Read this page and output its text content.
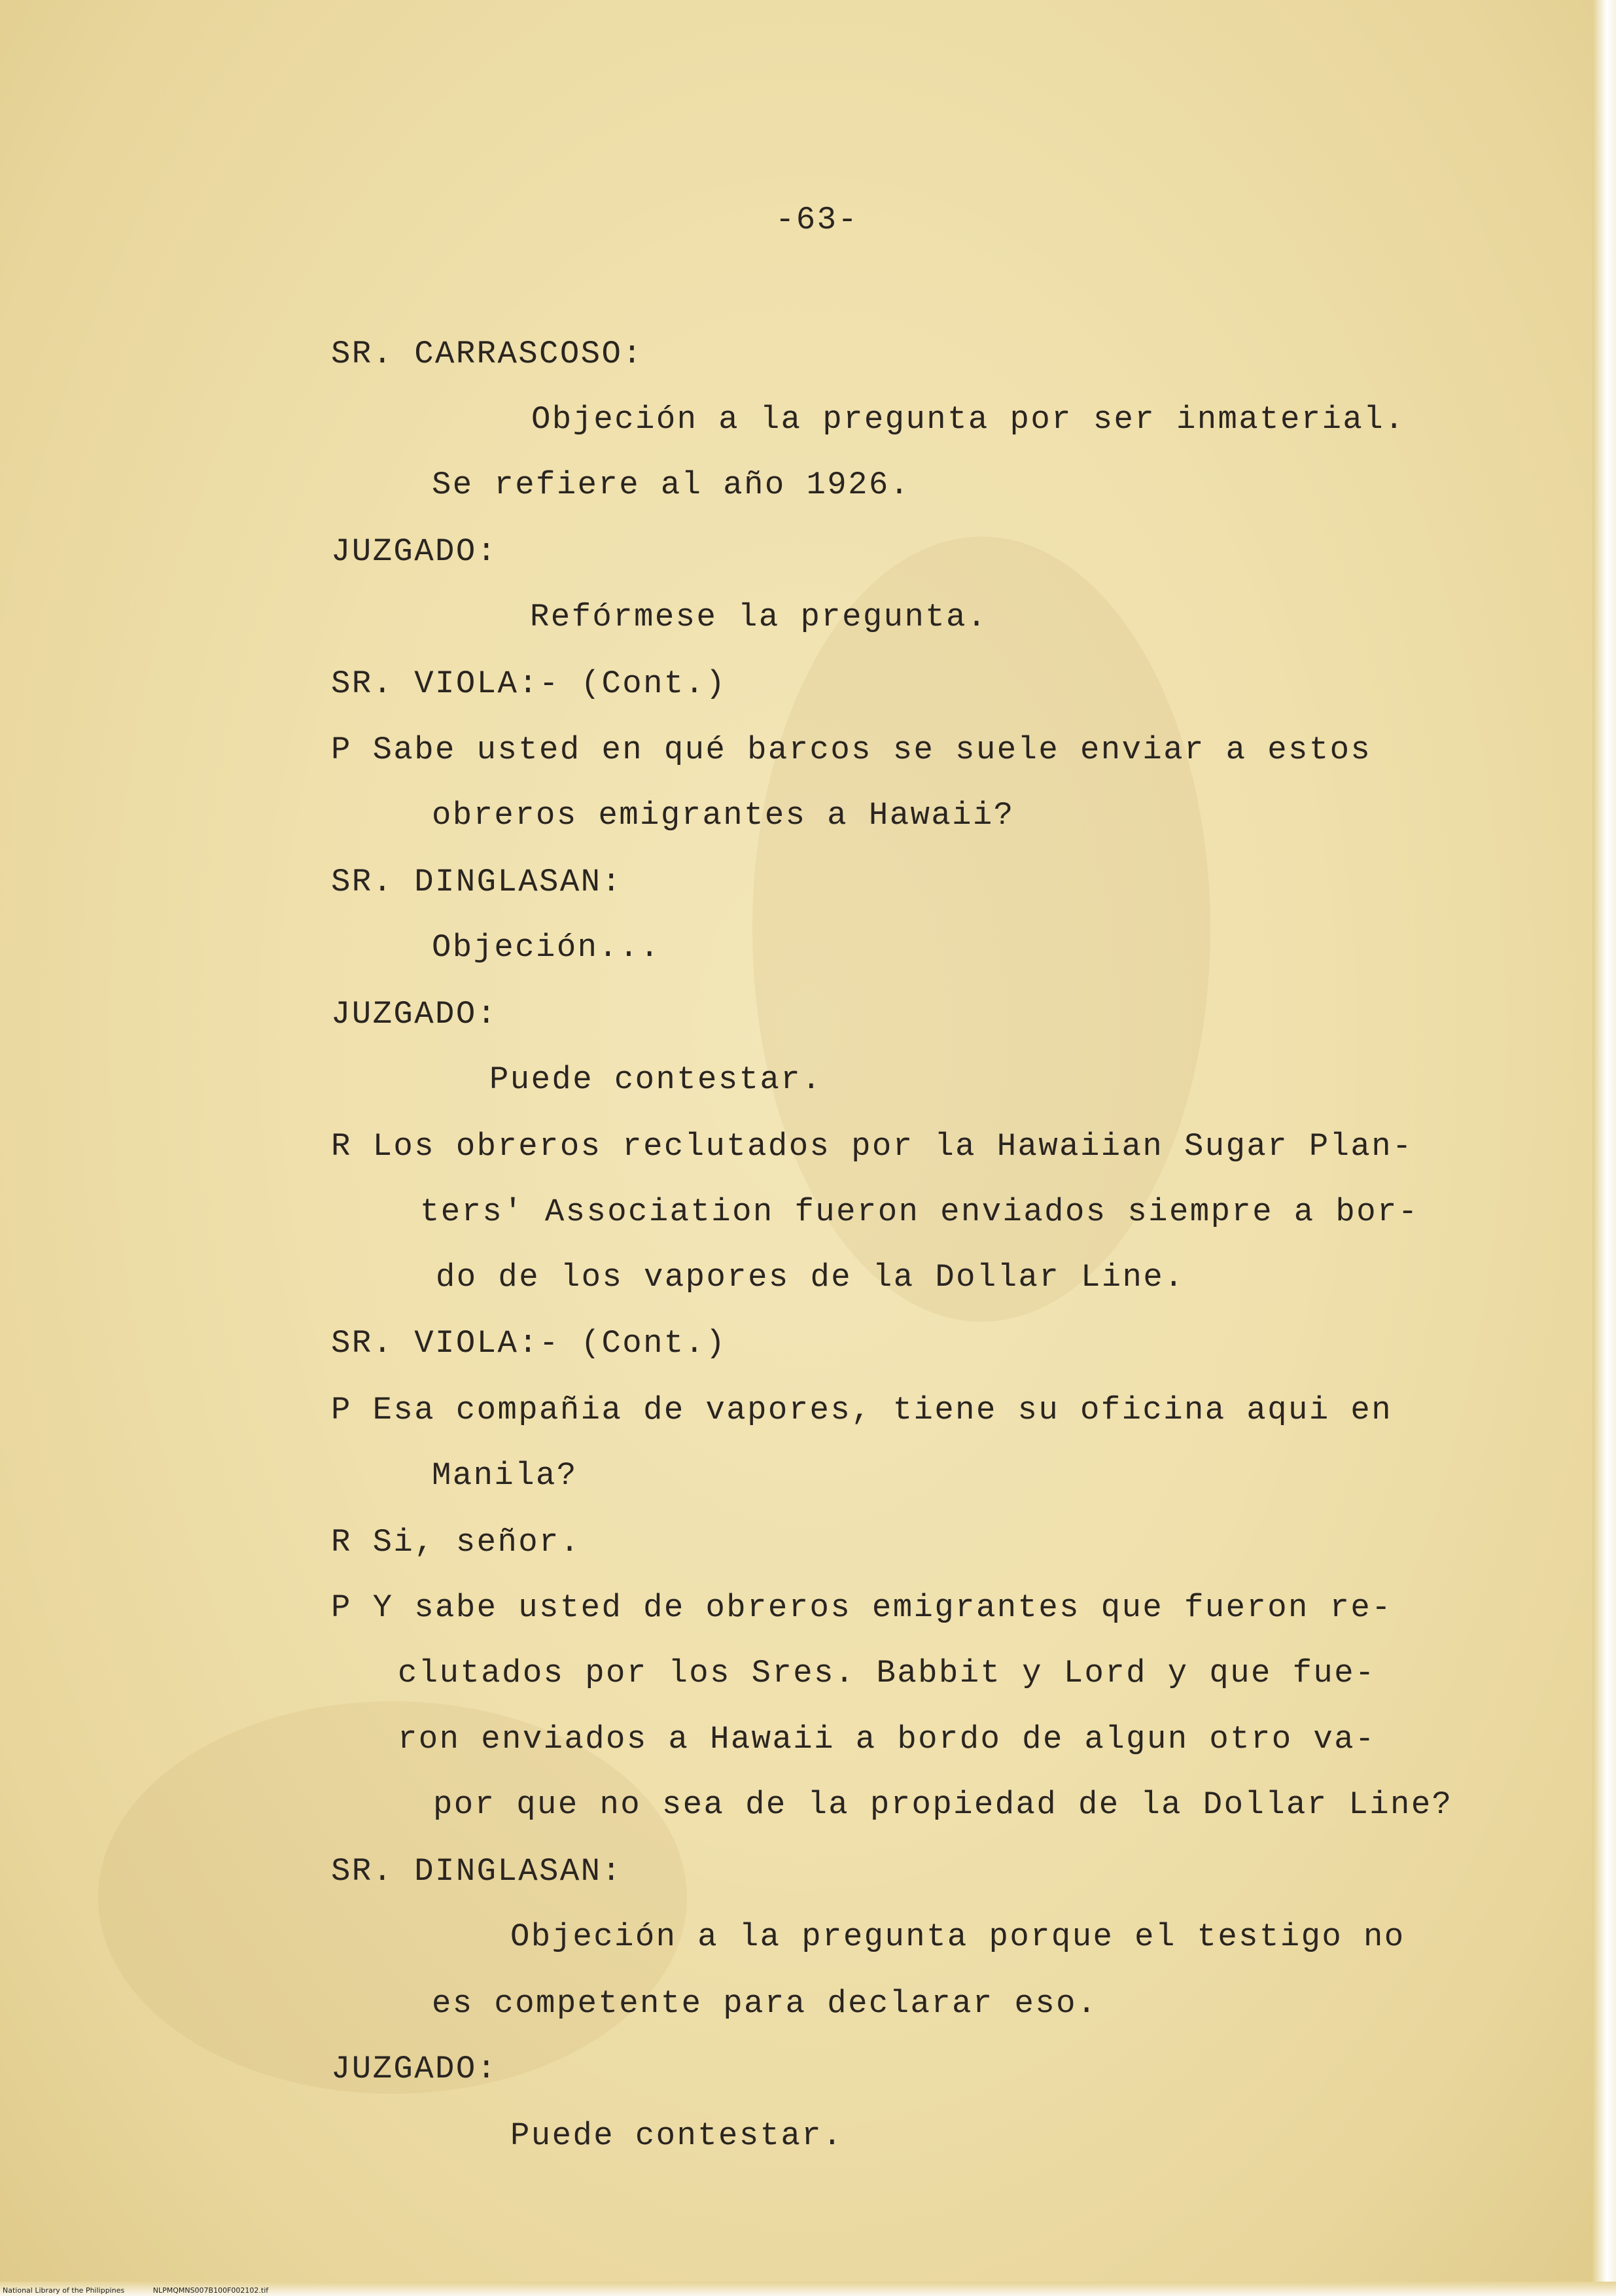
-63-

SR. CARRASCOSO:

Objeción a la pregunta por ser inmaterial.

Se refiere al año 1926.

JUZGADO:

Refórmese la pregunta.

SR. VIOLA:- (Cont.)

P Sabe usted en qué barcos se suele enviar a estos

obreros emigrantes a Hawaii?

SR. DINGLASAN:

Objeción...

JUZGADO:

Puede contestar.

R Los obreros reclutados por la Hawaiian Sugar Plan-

ters' Association fueron enviados siempre a bor-

do de los vapores de la Dollar Line.

SR. VIOLA:- (Cont.)

P Esa compañia de vapores, tiene su oficina aqui en

Manila?

R Si, señor.

P Y sabe usted de obreros emigrantes que fueron re-

clutados por los Sres. Babbit y Lord y que fue-

ron enviados a Hawaii a bordo de algun otro va-

por que no sea de la propiedad de la Dollar Line?

SR. DINGLASAN:

Objeción a la pregunta porque el testigo no

es competente para declarar eso.

JUZGADO:

Puede contestar.

National Library of the Philippines	NLPMQMNS007B100F002102.tif
